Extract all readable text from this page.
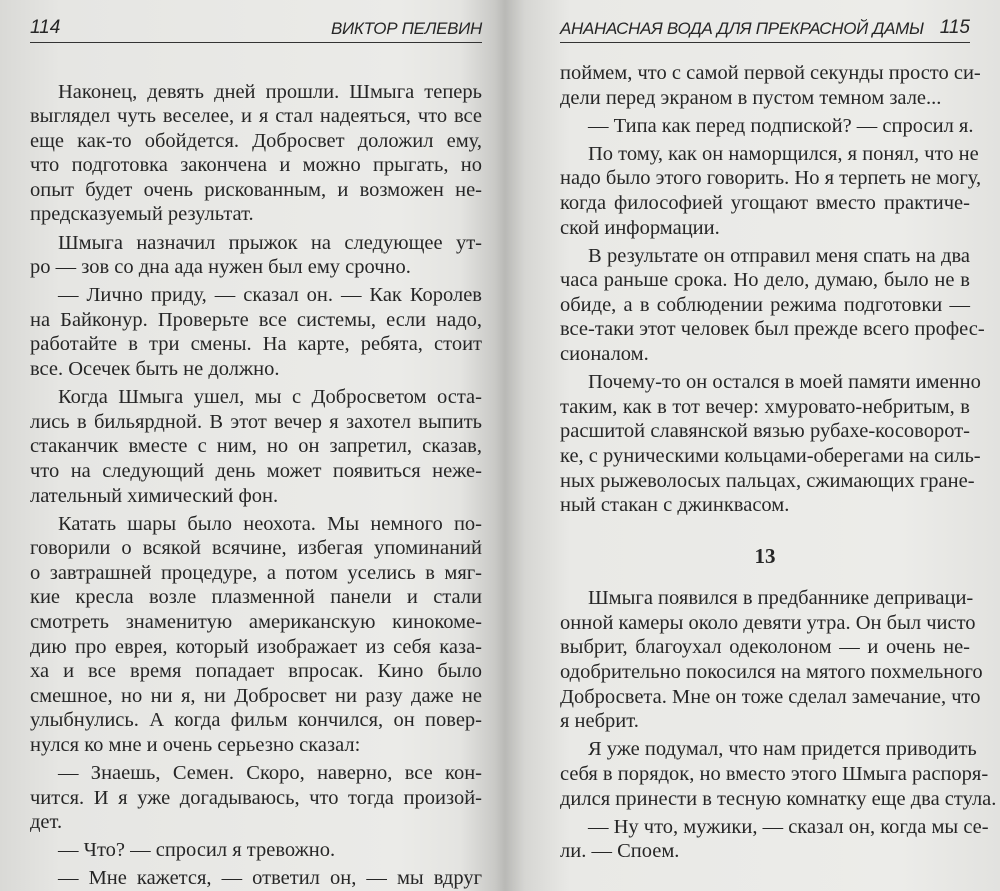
114	ВИКТОР ПЕЛЕВИН
Наконец, девять дней прошли. Шмыга теперь
выглядел чуть веселее, и я стал надеяться, что все
еще как-то обойдется. Добросвет доложил ему,
что подготовка закончена и можно прыгать, но
опыт будет очень рискованным, и возможен не-
предсказуемый результат.
Шмыга назначил прыжок на следующее ут-
ро — зов со дна ада нужен был ему срочно.
— Лично приду, — сказал он. — Как Королев
на Байконур. Проверьте все системы, если надо,
работайте в три смены. На карте, ребята, стоит
все. Осечек быть не должно.
Когда Шмыга ушел, мы с Добросветом оста-
лись в бильярдной. В этот вечер я захотел выпить
стаканчик вместе с ним, но он запретил, сказав,
что на следующий день может появиться неже-
лательный химический фон.
Катать шары было неохота. Мы немного по-
говорили о всякой всячине, избегая упоминаний
о завтрашней процедуре, а потом уселись в мяг-
кие кресла возле плазменной панели и стали
смотреть знаменитую американскую кинокоме-
дию про еврея, который изображает из себя каза-
ха и все время попадает впросак. Кино было
смешное, но ни я, ни Добросвет ни разу даже не
улыбнулись. А когда фильм кончился, он повер-
нулся ко мне и очень серьезно сказал:
— Знаешь, Семен. Скоро, наверно, все кон-
чится. И я уже догадываюсь, что тогда произой-
дет.
— Что? — спросил я тревожно.
— Мне кажется, — ответил он, — мы вдруг
АНАНАСНАЯ ВОДА ДЛЯ ПРЕКРАСНОЙ ДАМЫ 115
поймем, что с самой первой секунды просто си-
дели перед экраном в пустом темном зале...
— Типа как перед подпиской? — спросил я.
По тому, как он наморщился, я понял, что не
надо было этого говорить. Но я терпеть не могу,
когда философией угощают вместо практиче-
ской информации.
В результате он отправил меня спать на два
часа раньше срока. Но дело, думаю, было не в
обиде, а в соблюдении режима подготовки —
все-таки этот человек был прежде всего профес-
сионалом.
Почему-то он остался в моей памяти именно
таким, как в тот вечер: хмуровато-небритым, в
расшитой славянской вязью рубахе-косоворот-
ке, с руническими кольцами-оберегами на силь-
ных рыжеволосых пальцах, сжимающих гране-
ный стакан с джинквасом.
13
Шмыга появился в предбаннике деприваци-
онной камеры около девяти утра. Он был чисто
выбрит, благоухал одеколоном — и очень не-
одобрительно покосился на мятого похмельного
Добросвета. Мне он тоже сделал замечание, что
я небрит.
Я уже подумал, что нам придется приводить
себя в порядок, но вместо этого Шмыга распоря-
дился принести в тесную комнатку еще два стула.
— Ну что, мужики, — сказал он, когда мы се-
ли. — Споем.
